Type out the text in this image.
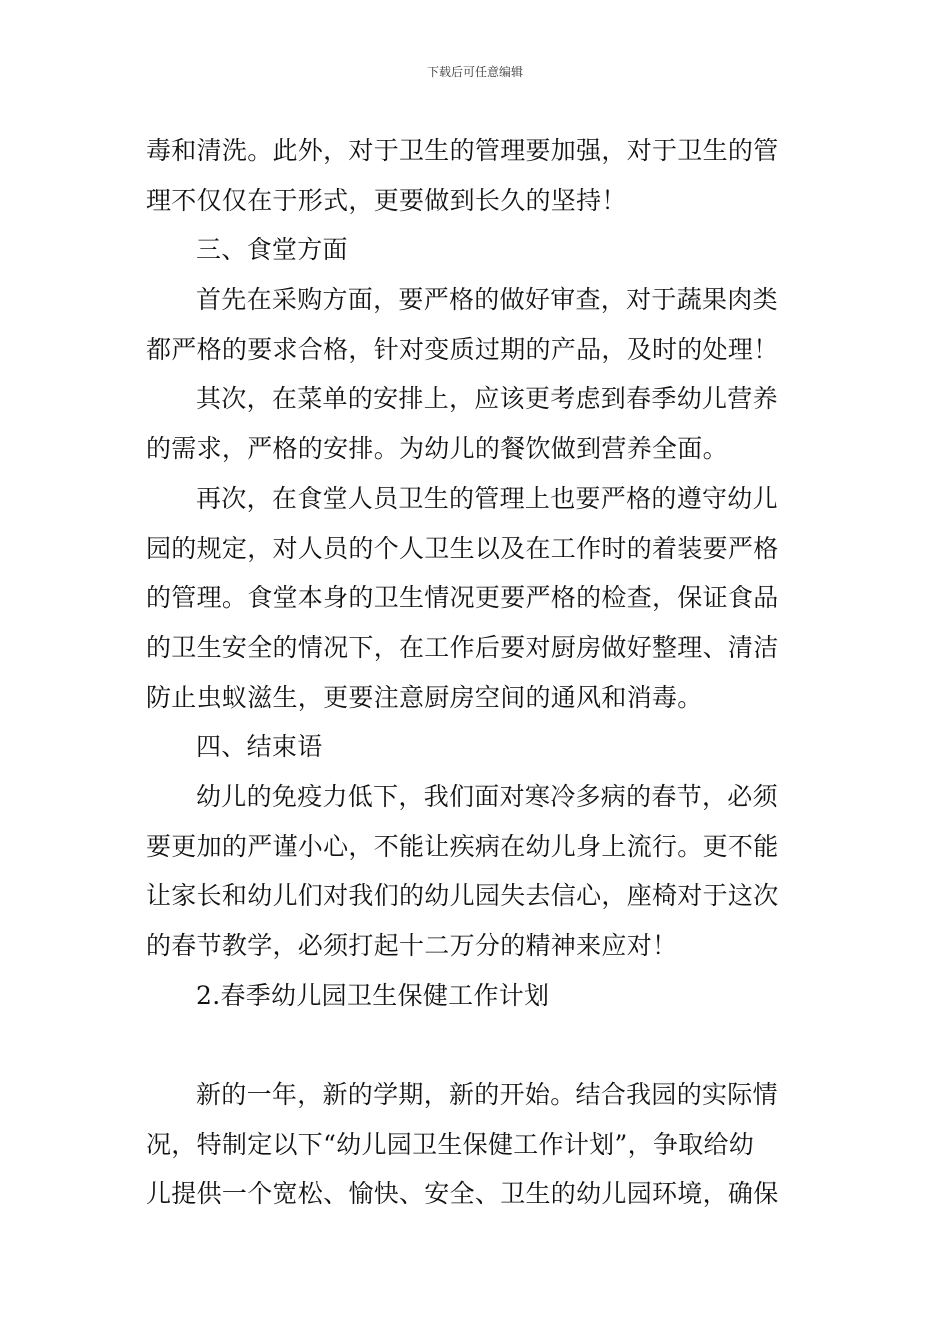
下载后可任意编辑
毒和清洗。此外，对于卫生的管理要加强，对于卫生的管
理不仅仅在于形式，更要做到长久的坚持！
三、食堂方面
首先在采购方面，要严格的做好审查，对于蔬果肉类
都严格的要求合格，针对变质过期的产品，及时的处理！
其次，在菜单的安排上，应该更考虑到春季幼儿营养
的需求，严格的安排。为幼儿的餐饮做到营养全面。
再次，在食堂人员卫生的管理上也要严格的遵守幼儿
园的规定，对人员的个人卫生以及在工作时的着装要严格
的管理。食堂本身的卫生情况更要严格的检查，保证食品
的卫生安全的情况下，在工作后要对厨房做好整理、清洁
防止虫蚁滋生，更要注意厨房空间的通风和消毒。
四、结束语
幼儿的免疫力低下，我们面对寒冷多病的春节，必须
要更加的严谨小心，不能让疾病在幼儿身上流行。更不能
让家长和幼儿们对我们的幼儿园失去信心，座椅对于这次
的春节教学，必须打起十二万分的精神来应对！
2.春季幼儿园卫生保健工作计划
新的一年，新的学期，新的开始。结合我园的实际情
况，特制定以下“幼儿园卫生保健工作计划”，争取给幼
儿提供一个宽松、愉快、安全、卫生的幼儿园环境，确保
